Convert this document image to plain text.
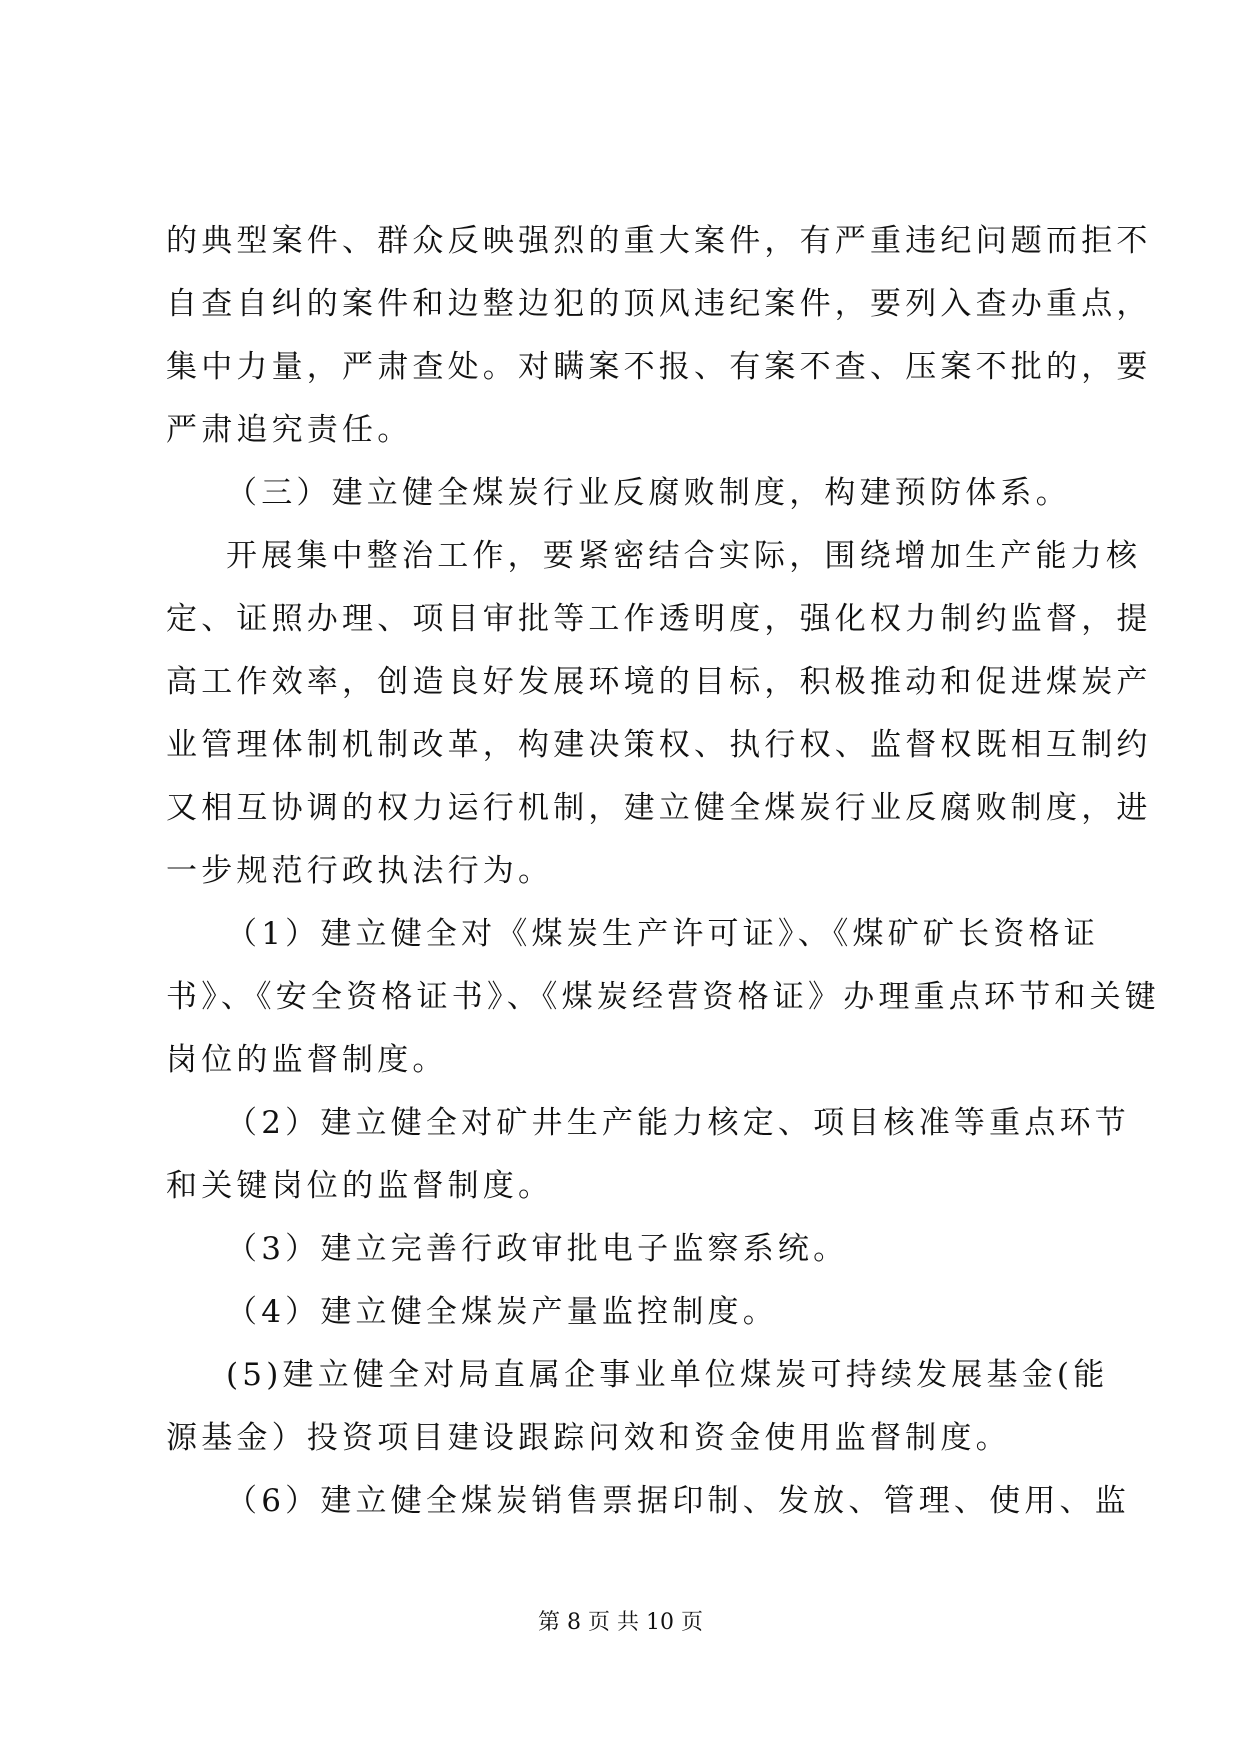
的典型案件、群众反映强烈的重大案件，有严重违纪问题而拒不
自查自纠的案件和边整边犯的顶风违纪案件，要列入查办重点，
集中力量，严肃查处。对瞒案不报、有案不查、压案不批的，要
严肃追究责任。
（三）建立健全煤炭行业反腐败制度，构建预防体系。
开展集中整治工作，要紧密结合实际，围绕增加生产能力核
定、证照办理、项目审批等工作透明度，强化权力制约监督，提
高工作效率，创造良好发展环境的目标，积极推动和促进煤炭产
业管理体制机制改革，构建决策权、执行权、监督权既相互制约
又相互协调的权力运行机制，建立健全煤炭行业反腐败制度，进
一步规范行政执法行为。
（1）建立健全对《煤炭生产许可证》、《煤矿矿长资格证
书》、《安全资格证书》、《煤炭经营资格证》办理重点环节和关键
岗位的监督制度。
（2）建立健全对矿井生产能力核定、项目核准等重点环节
和关键岗位的监督制度。
（3）建立完善行政审批电子监察系统。
（4）建立健全煤炭产量监控制度。
(5)建立健全对局直属企事业单位煤炭可持续发展基金(能
源基金）投资项目建设跟踪问效和资金使用监督制度。
（6）建立健全煤炭销售票据印制、发放、管理、使用、监
第 8 页 共 10 页
